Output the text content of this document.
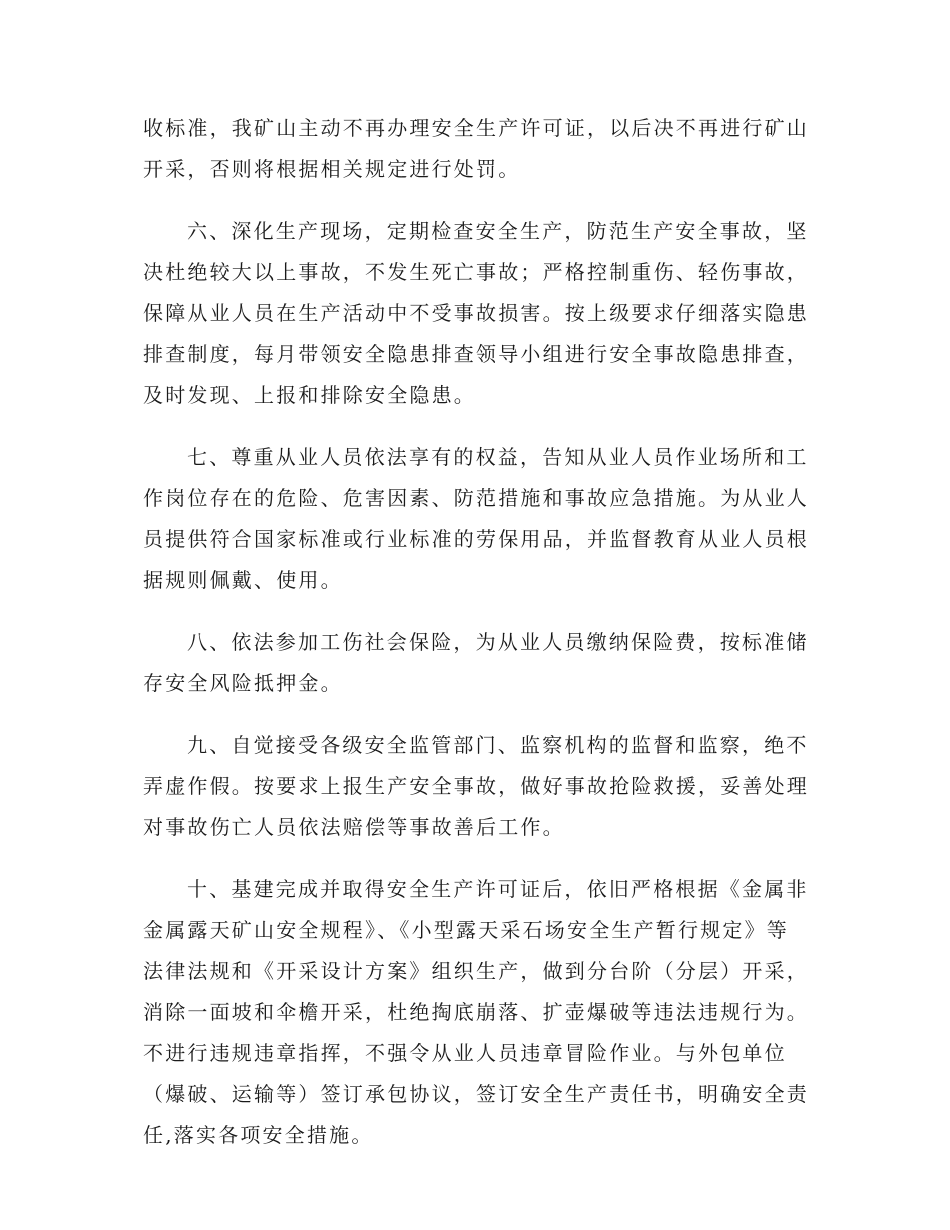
收标准，我矿山主动不再办理安全生产许可证，以后决不再进行矿山
开采，否则将根据相关规定进行处罚。
六、深化生产现场，定期检查安全生产，防范生产安全事故，坚
决杜绝较大以上事故，不发生死亡事故；严格控制重伤、轻伤事故，
保障从业人员在生产活动中不受事故损害。按上级要求仔细落实隐患
排查制度，每月带领安全隐患排查领导小组进行安全事故隐患排查，
及时发现、上报和排除安全隐患。
七、尊重从业人员依法享有的权益，告知从业人员作业场所和工
作岗位存在的危险、危害因素、防范措施和事故应急措施。为从业人
员提供符合国家标准或行业标准的劳保用品，并监督教育从业人员根
据规则佩戴、使用。
八、依法参加工伤社会保险，为从业人员缴纳保险费，按标准储
存安全风险抵押金。
九、自觉接受各级安全监管部门、监察机构的监督和监察，绝不
弄虚作假。按要求上报生产安全事故，做好事故抢险救援，妥善处理
对事故伤亡人员依法赔偿等事故善后工作。
十、基建完成并取得安全生产许可证后，依旧严格根据《金属非
金属露天矿山安全规程》、《小型露天采石场安全生产暂行规定》等
法律法规和《开采设计方案》组织生产，做到分台阶（分层）开采，
消除一面坡和伞檐开采，杜绝掏底崩落、扩壶爆破等违法违规行为。
不进行违规违章指挥，不强令从业人员违章冒险作业。与外包单位
（爆破、运输等）签订承包协议，签订安全生产责任书，明确安全责
任,落实各项安全措施。
